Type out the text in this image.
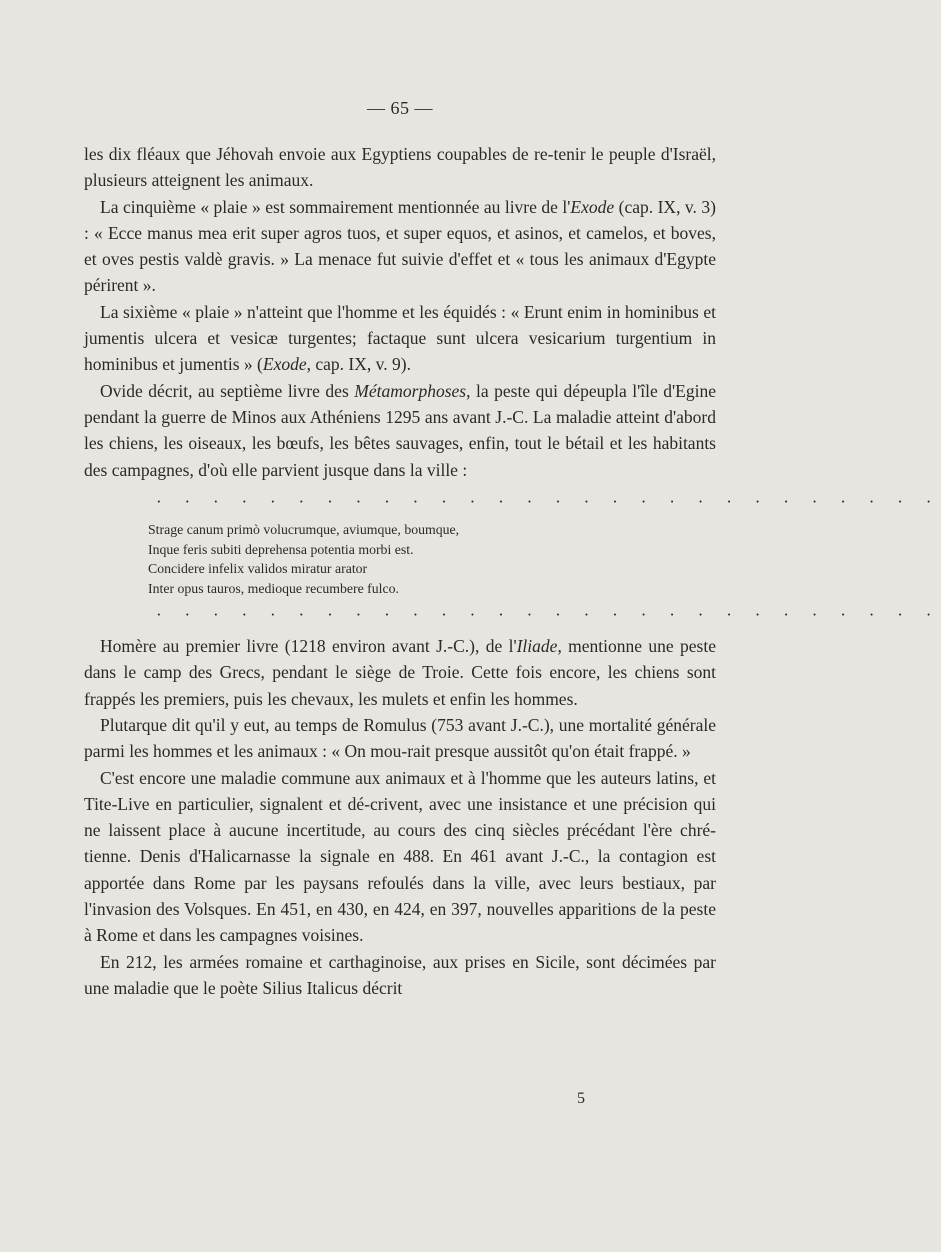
— 65 —

les dix fléaux que Jéhovah envoie aux Egyptiens coupables de re-tenir le peuple d'Israël, plusieurs atteignent les animaux.

La cinquième « plaie » est sommairement mentionnée au livre de l'Exode (cap. IX, v. 3) : « Ecce manus mea erit super agros tuos, et super equos, et asinos, et camelos, et boves, et oves pestis valdè gravis. » La menace fut suivie d'effet et « tous les animaux d'Egypte périrent ».

La sixième « plaie » n'atteint que l'homme et les équidés : « Erunt enim in hominibus et jumentis ulcera et vesicæ turgentes; factaque sunt ulcera vesicarium turgentium in hominibus et jumentis » (Exode, cap. IX, v. 9).

Ovide décrit, au septième livre des Métamorphoses, la peste qui dépeupla l'île d'Egine pendant la guerre de Minos aux Athéniens 1295 ans avant J.-C. La maladie atteint d'abord les chiens, les oiseaux, les bœufs, les bêtes sauvages, enfin, tout le bétail et les habitants des campagnes, d'où elle parvient jusque dans la ville :

· · · · · · · · · · · · · · · · · · · · · · · · · · · ·
Strage canum primò volucrumque, aviumque, boumque,
Inque feris subiti deprehensa potentia morbi est.
Concidere infelix validos miratur arator
Inter opus tauros, medioque recumbere fulco.
· · · · · · · · · · · · · · · · · · · · · · · · · · · ·

Homère au premier livre (1218 environ avant J.-C.), de l'Iliade, mentionne une peste dans le camp des Grecs, pendant le siège de Troie. Cette fois encore, les chiens sont frappés les premiers, puis les chevaux, les mulets et enfin les hommes.

Plutarque dit qu'il y eut, au temps de Romulus (753 avant J.-C.), une mortalité générale parmi les hommes et les animaux : « On mou-rait presque aussitôt qu'on était frappé. »

C'est encore une maladie commune aux animaux et à l'homme que les auteurs latins, et Tite-Live en particulier, signalent et dé-crivent, avec une insistance et une précision qui ne laissent place à aucune incertitude, au cours des cinq siècles précédant l'ère chré-tienne. Denis d'Halicarnasse la signale en 488. En 461 avant J.-C., la contagion est apportée dans Rome par les paysans refoulés dans la ville, avec leurs bestiaux, par l'invasion des Volsques. En 451, en 430, en 424, en 397, nouvelles apparitions de la peste à Rome et dans les campagnes voisines.

En 212, les armées romaine et carthaginoise, aux prises en Sicile, sont décimées par une maladie que le poète Silius Italicus décrit

5
